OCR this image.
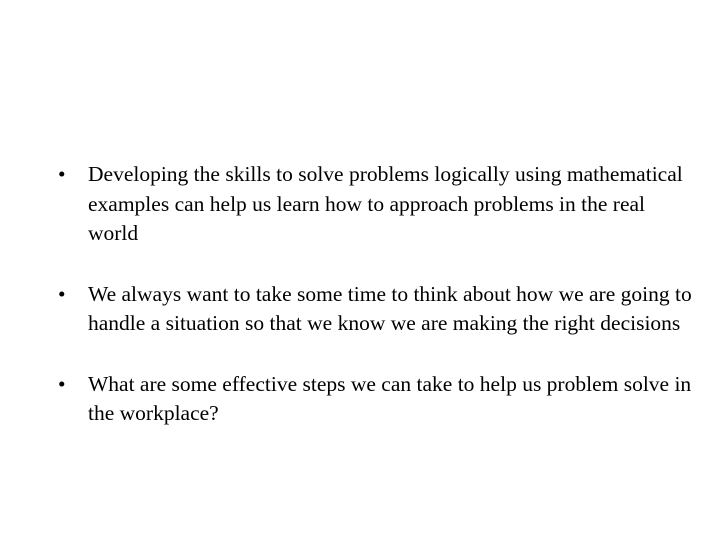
•	Developing the skills to solve problems logically using mathematical examples can help us learn how to approach problems in the real world
•	We always want to take some time to think about how we are going to handle a situation so that we know we are making the right decisions
•	What are some effective steps we can take to help us problem solve in the workplace?
